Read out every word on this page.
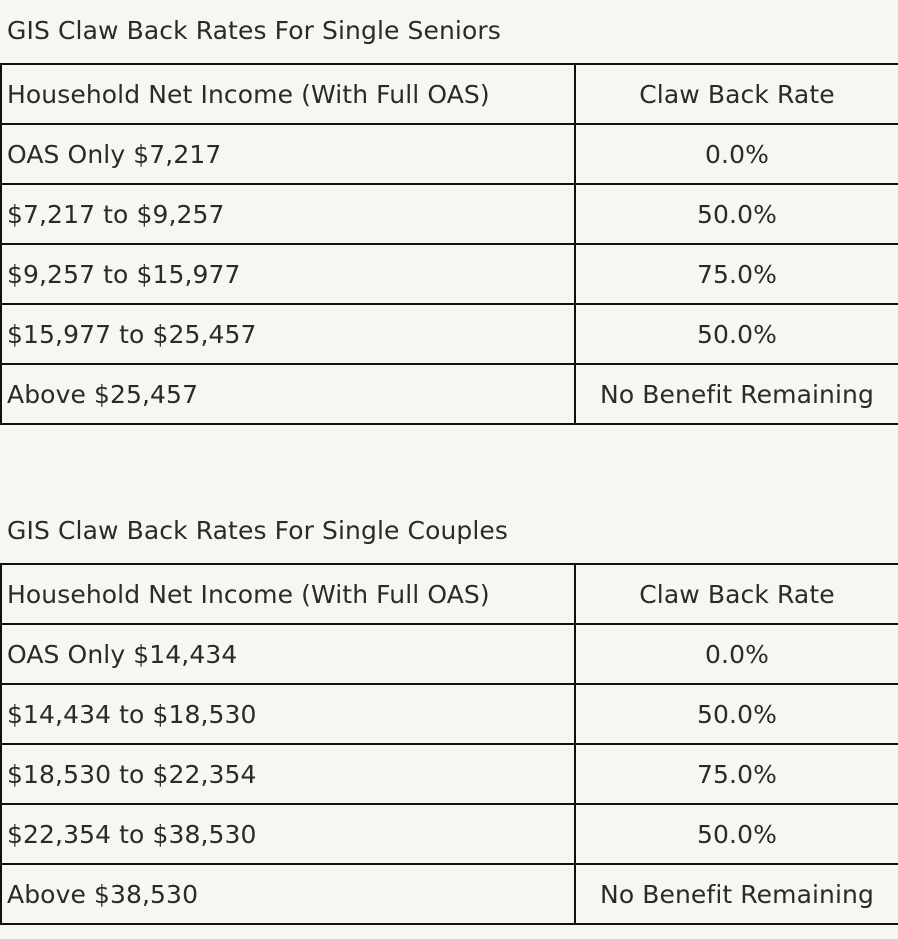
GIS Claw Back Rates For Single Seniors
Household Net Income (With Full OAS)	Claw Back Rate
OAS Only $7,217	0.0%
$7,217 to $9,257	50.0%
$9,257 to $15,977	75.0%
$15,977 to $25,457	50.0%
Above $25,457	No Benefit Remaining
GIS Claw Back Rates For Single Couples
Household Net Income (With Full OAS)	Claw Back Rate
OAS Only $14,434	0.0%
$14,434 to $18,530	50.0%
$18,530 to $22,354	75.0%
$22,354 to $38,530	50.0%
Above $38,530	No Benefit Remaining
